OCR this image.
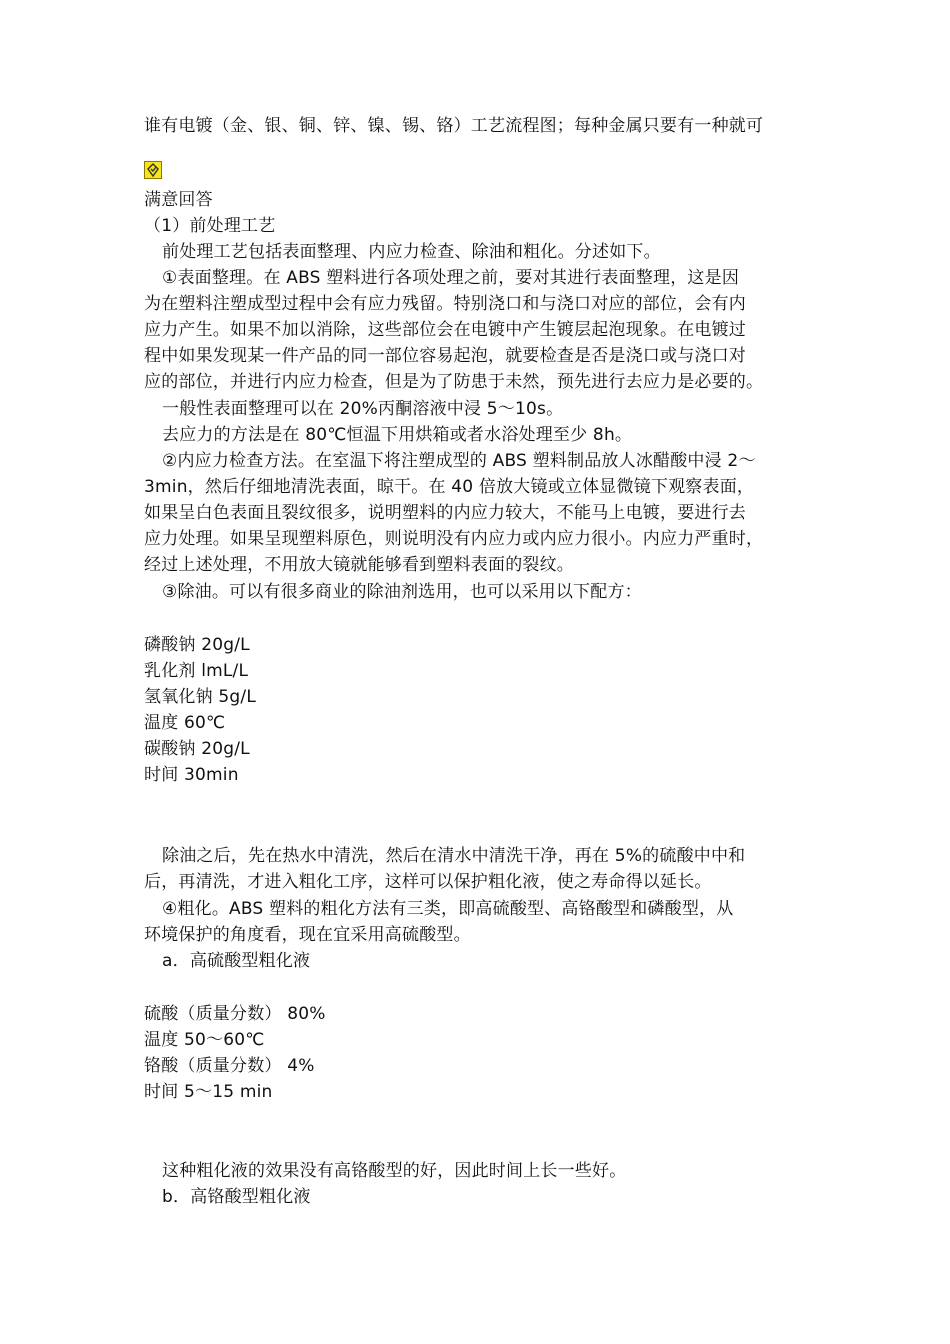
谁有电镀（金、银、铜、锌、镍、锡、铬）工艺流程图；每种金属只要有一种就可
满意回答
（1）前处理工艺
前处理工艺包括表面整理、内应力检查、除油和粗化。分述如下。
①表面整理。在 ABS 塑料进行各项处理之前，要对其进行表面整理，这是因
为在塑料注塑成型过程中会有应力残留。特别浇口和与浇口对应的部位，会有内
应力产生。如果不加以消除，这些部位会在电镀中产生镀层起泡现象。在电镀过
程中如果发现某一件产品的同一部位容易起泡，就要检查是否是浇口或与浇口对
应的部位，并进行内应力检查，但是为了防患于未然，预先进行去应力是必要的。
一般性表面整理可以在 20%丙酮溶液中浸 5～10s。
去应力的方法是在 80℃恒温下用烘箱或者水浴处理至少 8h。
②内应力检查方法。在室温下将注塑成型的 ABS 塑料制品放人冰醋酸中浸 2～
3min，然后仔细地清洗表面，晾干。在 40 倍放大镜或立体显微镜下观察表面，
如果呈白色表面且裂纹很多，说明塑料的内应力较大，不能马上电镀，要进行去
应力处理。如果呈现塑料原色，则说明没有内应力或内应力很小。内应力严重时，
经过上述处理，不用放大镜就能够看到塑料表面的裂纹。
③除油。可以有很多商业的除油剂选用，也可以采用以下配方：
磷酸钠 20g/L
乳化剂 lmL/L
氢氧化钠 5g/L
温度 60℃
碳酸钠 20g/L
时间 30min
除油之后，先在热水中清洗，然后在清水中清洗干净，再在 5%的硫酸中中和
后，再清洗，才进入粗化工序，这样可以保护粗化液，使之寿命得以延长。
④粗化。ABS 塑料的粗化方法有三类，即高硫酸型、高铬酸型和磷酸型，从
环境保护的角度看，现在宜采用高硫酸型。
a．高硫酸型粗化液
硫酸（质量分数） 80%
温度 50～60℃
铬酸（质量分数） 4%
时间 5～15 min
这种粗化液的效果没有高铬酸型的好，因此时间上长一些好。
b．高铬酸型粗化液
